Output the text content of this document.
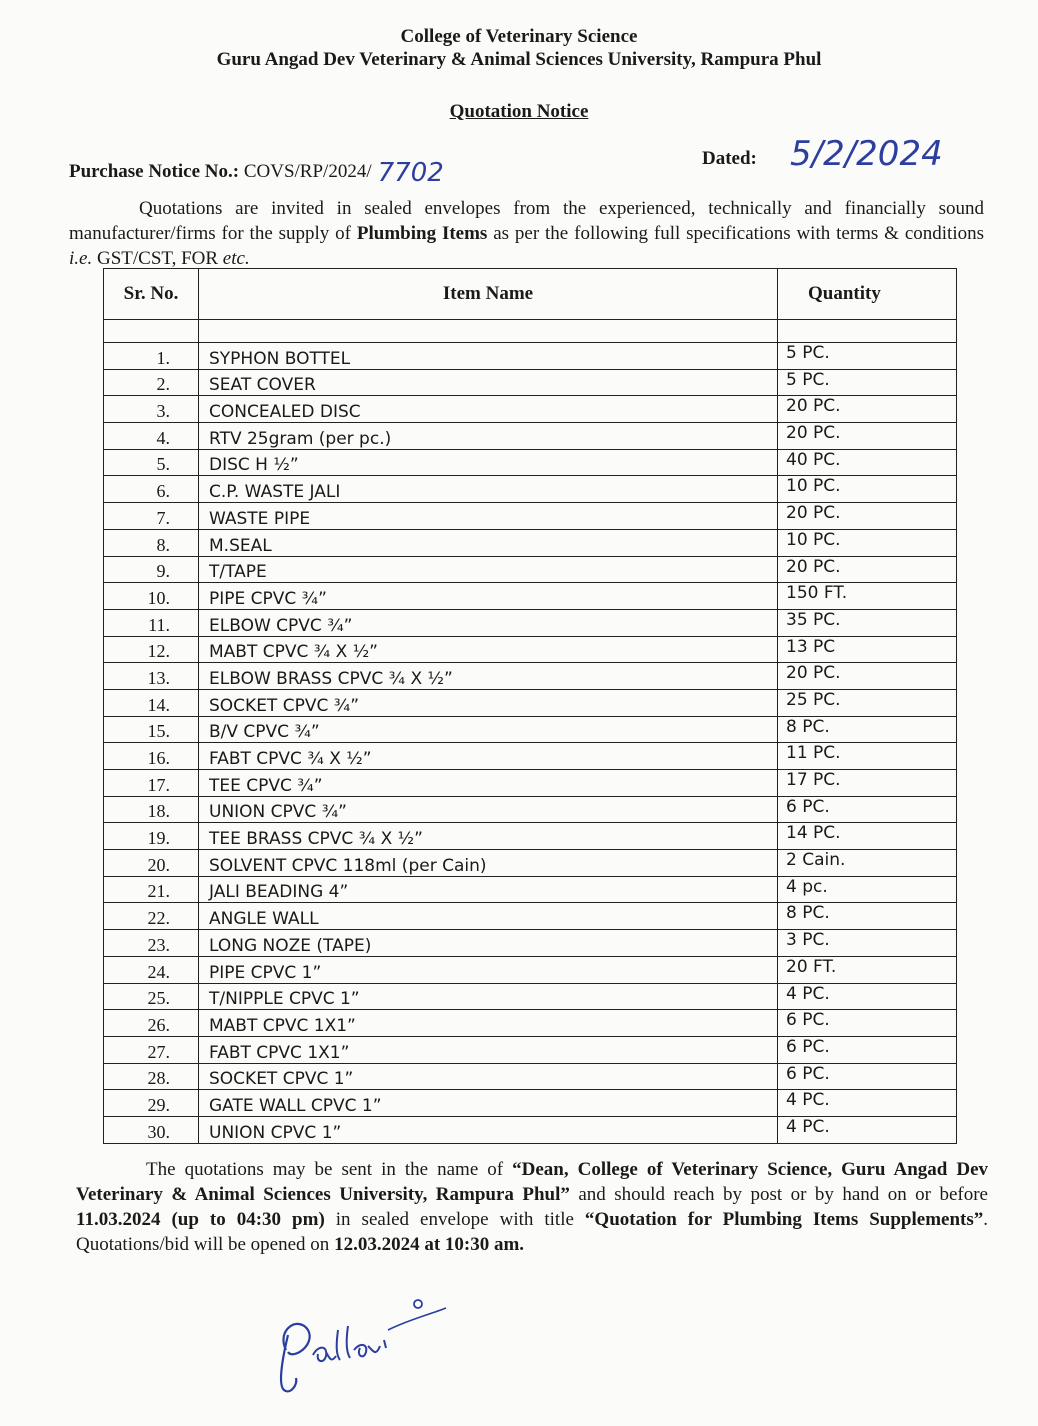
College of Veterinary Science
Guru Angad Dev Veterinary & Animal Sciences University, Rampura Phul
Quotation Notice
Purchase Notice No.: COVS/RP/2024/ 7702	Dated: 5/2/2024
Quotations are invited in sealed envelopes from the experienced, technically and financially sound manufacturer/firms for the supply of Plumbing Items as per the following full specifications with terms & conditions i.e. GST/CST, FOR etc.
Sr. No.	Item Name	Quantity

1.	SYPHON BOTTEL	5 PC.
2.	SEAT COVER	5 PC.
3.	CONCEALED DISC	20 PC.
4.	RTV 25gram (per pc.)	20 PC.
5.	DISC H ½”	40 PC.
6.	C.P. WASTE JALI	10 PC.
7.	WASTE PIPE	20 PC.
8.	M.SEAL	10 PC.
9.	T/TAPE	20 PC.
10.	PIPE CPVC ¾”	150 FT.
11.	ELBOW CPVC ¾”	35 PC.
12.	MABT CPVC ¾ X ½”	13 PC
13.	ELBOW BRASS CPVC ¾ X ½”	20 PC.
14.	SOCKET CPVC ¾”	25 PC.
15.	B/V CPVC ¾”	8 PC.
16.	FABT CPVC ¾ X ½”	11 PC.
17.	TEE CPVC ¾”	17 PC.
18.	UNION CPVC ¾”	6 PC.
19.	TEE BRASS CPVC ¾ X ½”	14 PC.
20.	SOLVENT CPVC 118ml (per Cain)	2 Cain.
21.	JALI BEADING 4”	4 pc.
22.	ANGLE WALL	8 PC.
23.	LONG NOZE (TAPE)	3 PC.
24.	PIPE CPVC 1”	20 FT.
25.	T/NIPPLE CPVC 1”	4 PC.
26.	MABT CPVC 1X1”	6 PC.
27.	FABT CPVC 1X1”	6 PC.
28.	SOCKET CPVC 1”	6 PC.
29.	GATE WALL CPVC 1”	4 PC.
30.	UNION CPVC 1”	4 PC.
The quotations may be sent in the name of “Dean, College of Veterinary Science, Guru Angad Dev Veterinary & Animal Sciences University, Rampura Phul” and should reach by post or by hand on or before 11.03.2024 (up to 04:30 pm) in sealed envelope with title “Quotation for Plumbing Items Supplements”. Quotations/bid will be opened on 12.03.2024 at 10:30 am.
